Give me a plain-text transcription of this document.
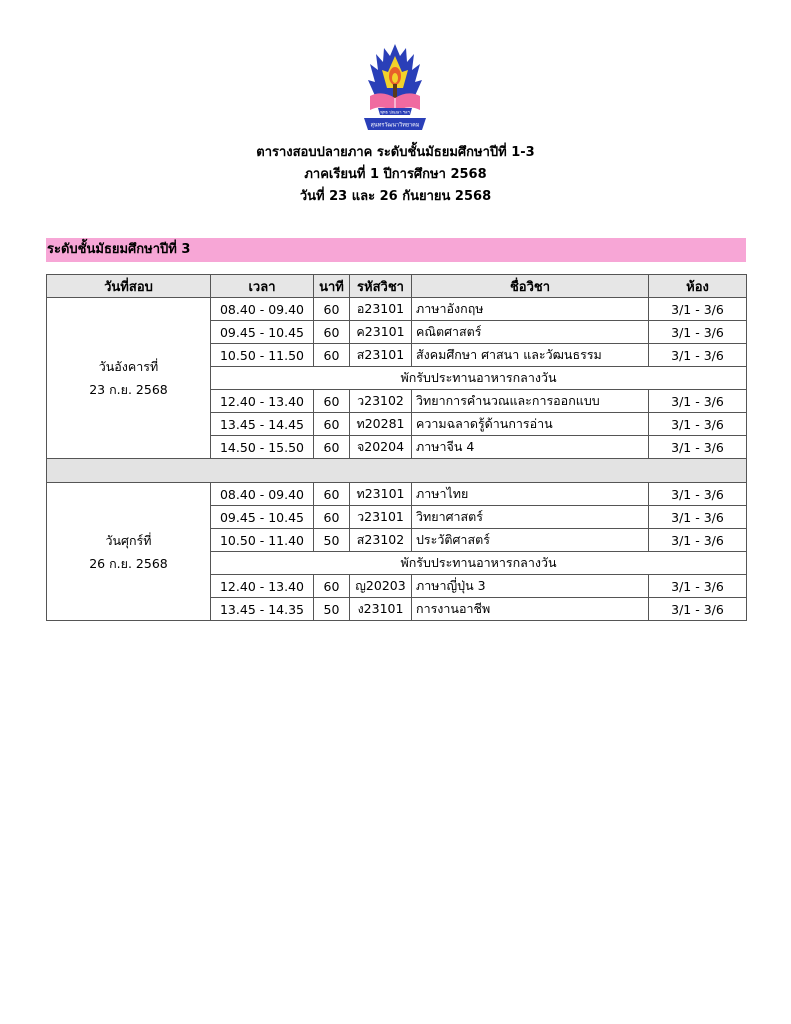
พุทธ ปณฺณา ฯลฯ
สุนทรวัฒนาวิทยาคม
ตารางสอบปลายภาค ระดับชั้นมัธยมศึกษาปีที่ 1-3
ภาคเรียนที่ 1 ปีการศึกษา 2568
วันที่ 23 และ 26 กันยายน 2568
ระดับชั้นมัธยมศึกษาปีที่ 3
วันที่สอบ	เวลา	นาที	รหัสวิชา	ชื่อวิชา	ห้อง

วันอังคารที่
23 ก.ย. 2568	08.40 - 09.40	60	อ23101	ภาษาอังกฤษ	3/1 - 3/6
	09.45 - 10.45	60	ค23101	คณิตศาสตร์	3/1 - 3/6
	10.50 - 11.50	60	ส23101	สังคมศึกษา ศาสนา และวัฒนธรรม	3/1 - 3/6
	พักรับประทานอาหารกลางวัน				
	12.40 - 13.40	60	ว23102	วิทยาการคำนวณและการออกแบบ	3/1 - 3/6
	13.45 - 14.45	60	ท20281	ความฉลาดรู้ด้านการอ่าน	3/1 - 3/6
	14.50 - 15.50	60	จ20204	ภาษาจีน 4	3/1 - 3/6

วันศุกร์ที่
26 ก.ย. 2568	08.40 - 09.40	60	ท23101	ภาษาไทย	3/1 - 3/6
	09.45 - 10.45	60	ว23101	วิทยาศาสตร์	3/1 - 3/6
	10.50 - 11.40	50	ส23102	ประวัติศาสตร์	3/1 - 3/6
	พักรับประทานอาหารกลางวัน				
	12.40 - 13.40	60	ญ20203	ภาษาญี่ปุ่น 3	3/1 - 3/6
	13.45 - 14.35	50	ง23101	การงานอาชีพ	3/1 - 3/6
